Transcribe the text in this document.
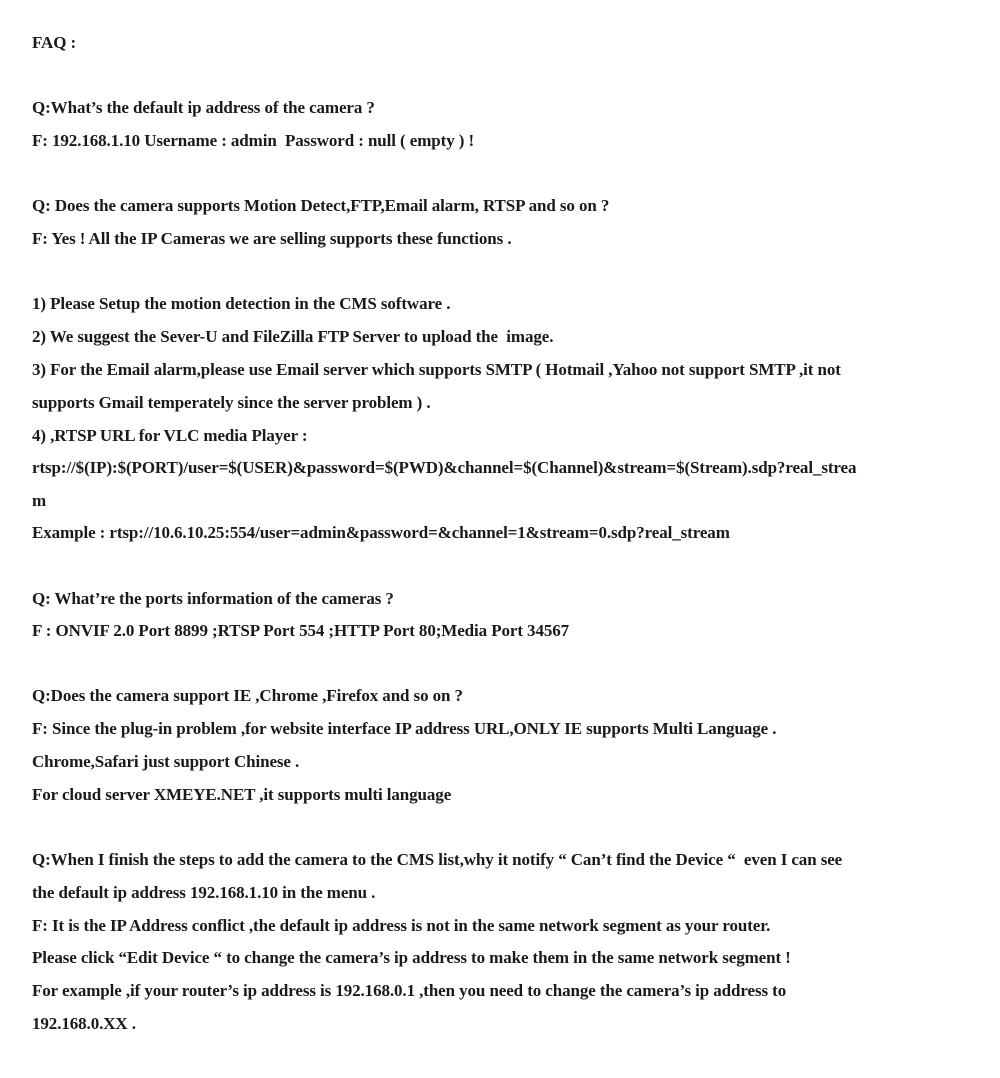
FAQ :

Q:What’s the default ip address of the camera ?

F: 192.168.1.10 Username : admin  Password : null ( empty ) !

Q: Does the camera supports Motion Detect,FTP,Email alarm, RTSP and so on ?

F: Yes ! All the IP Cameras we are selling supports these functions .

1) Please Setup the motion detection in the CMS software .

2) We suggest the Sever-U and FileZilla FTP Server to upload the  image.

3) For the Email alarm,please use Email server which supports SMTP ( Hotmail ,Yahoo not support SMTP ,it not

supports Gmail temperately since the server problem ) .

4) ,RTSP URL for VLC media Player :

rtsp://$(IP):$(PORT)/user=$(USER)&password=$(PWD)&channel=$(Channel)&stream=$(Stream).sdp?real_strea

m

Example : rtsp://10.6.10.25:554/user=admin&password=&channel=1&stream=0.sdp?real_stream

Q: What’re the ports information of the cameras ?

F : ONVIF 2.0 Port 8899 ;RTSP Port 554 ;HTTP Port 80;Media Port 34567

Q:Does the camera support IE ,Chrome ,Firefox and so on ?

F: Since the plug-in problem ,for website interface IP address URL,ONLY IE supports Multi Language .

Chrome,Safari just support Chinese .

For cloud server XMEYE.NET ,it supports multi language

Q:When I finish the steps to add the camera to the CMS list,why it notify “ Can’t find the Device “  even I can see

the default ip address 192.168.1.10 in the menu .

F: It is the IP Address conflict ,the default ip address is not in the same network segment as your router.

Please click “Edit Device “ to change the camera’s ip address to make them in the same network segment !

For example ,if your router’s ip address is 192.168.0.1 ,then you need to change the camera’s ip address to

192.168.0.XX .
